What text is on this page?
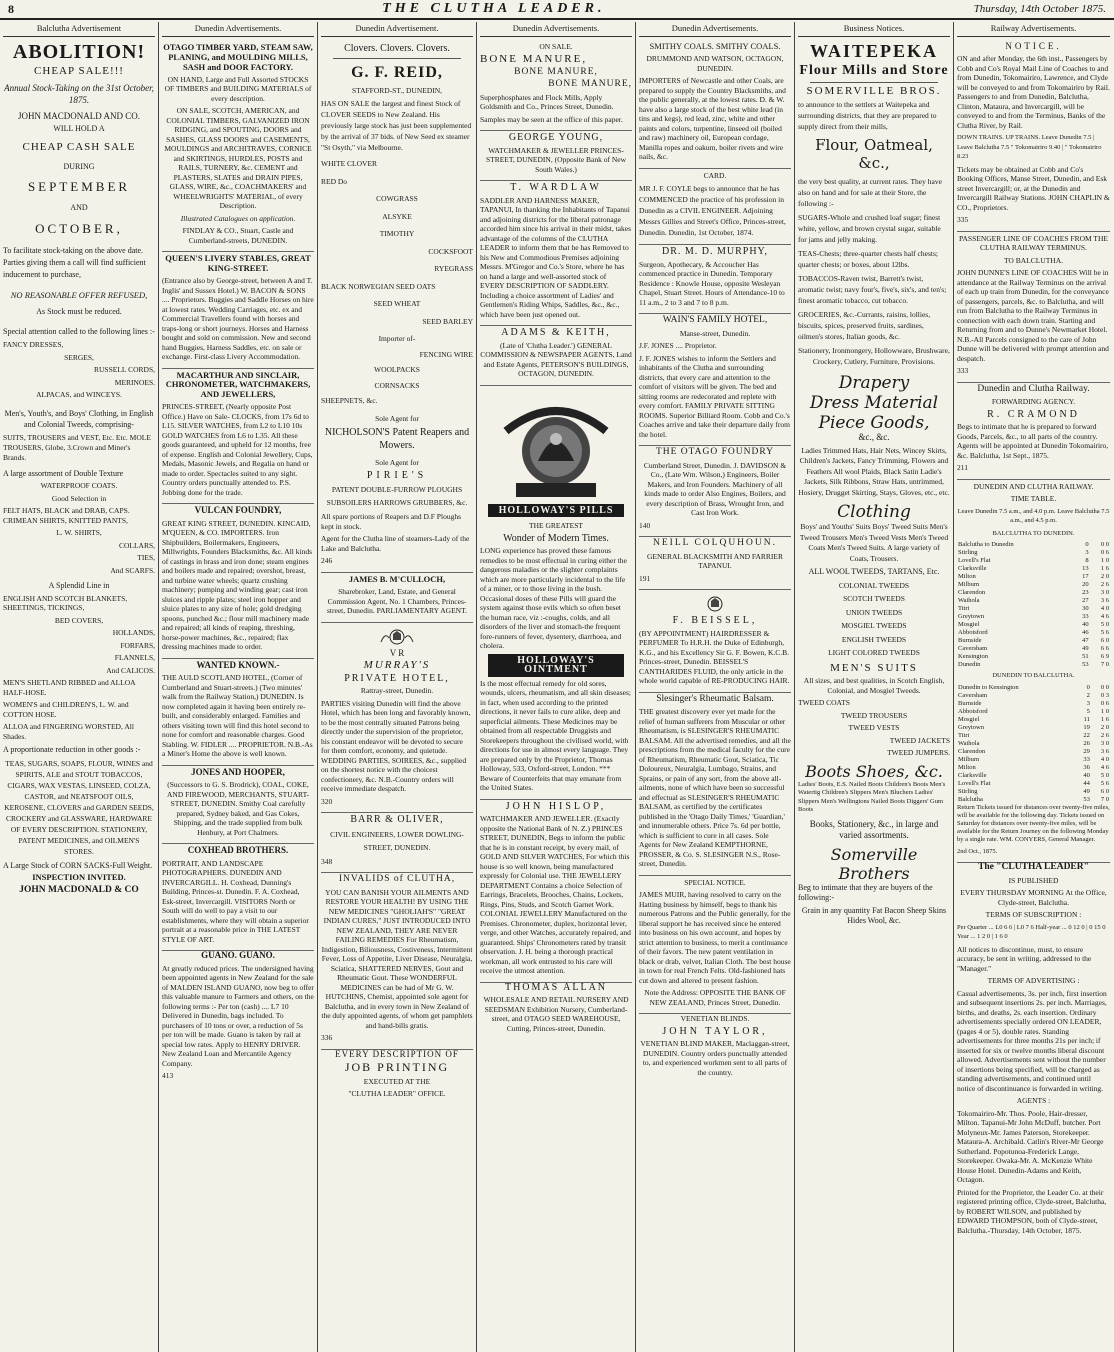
8	THE CLUTHA LEADER.	Thursday, 14th October 1875.
Balclutha Advertisement
ABOLITION!
CHEAP SALE!!!

Annual Stock-Taking on the 31st October, 1875.

JOHN MACDONALD AND CO.

WILL HOLD A

CHEAP CASH SALE

DURING

SEPTEMBER

AND

OCTOBER,

To facilitate stock-taking on the above date. Parties giving them a call will find sufficient inducement to purchase,

NO REASONABLE OFFER REFUSED,

As Stock must be reduced.

Special attention called to the following lines :-

FANCY DRESSES,

SERGES,

RUSSELL CORDS,

MERINOES.

ALPACAS, and WINCEYS.

Men's, Youth's, and Boys' Clothing, in English and Colonial Tweeds, comprising-

SUITS, TROUSERS and VEST, Etc. Etc. MOLE TROUSERS, Globe, 3.Crown and Miner's Brands.

A large assortment of Double Texture

WATERPROOF COATS.

Good Selection in

FELT HATS, BLACK and DRAB, CAPS. CRIMEAN SHIRTS, KNITTED PANTS,

L. W. SHIRTS,

COLLARS,

TIES,

And SCARFS.

A Splendid Line in

ENGLISH AND SCOTCH BLANKETS, SHEETINGS, TICKINGS,

BED COVERS,

HOLLANDS,

FORFARS,

FLANNELS,

And CALICOS.

MEN'S SHETLAND RIBBED and ALLOA HALF-HOSE.

WOMEN'S and CHILDREN'S, L. W. and COTTON HOSE.

ALLOA and FINGERING WORSTED, All Shades.

A proportionate reduction in other goods :-

TEAS, SUGARS, SOAPS, FLOUR, WINES and SPIRITS, ALE and STOUT TOBACCOS, CIGARS, WAX VESTAS, LINSEED, COLZA, CASTOR, and NEATSFOOT OILS, KEROSENE, CLOVERS and GARDEN SEEDS, CROCKERY and GLASSWARE, HARDWARE OF EVERY DESCRIPTION. STATIONERY, PATENT MEDICINES, and OILMEN'S STORES.

A Large Stock of CORN SACKS-Full Weight.

INSPECTION INVITED.

JOHN MACDONALD & CO

Dunedin Advertisements.

OTAGO TIMBER YARD, STEAM SAW, PLANING, and MOULDING MILLS, SASH and DOOR FACTORY.

ON HAND, Large and Full Assorted STOCKS OF TIMBERS and BUILDING MATERIALS of every description.

ON SALE, SCOTCH, AMERICAN, and COLONIAL TIMBERS, GALVANIZED IRON RIDGING, and SPOUTING, DOORS and SASHES, GLASS DOORS and CASEMENTS, MOULDINGS and ARCHITRAVES, CORNICE and SKIRTINGS, HURDLES, POSTS and RAILS, TURNERY, &c. CEMENT and PLASTERS, SLATES and DRAIN PIPES, GLASS, WIRE, &c., COACHMAKERS' and WHEELWRIGHTS' MATERIAL, of every Description.

Illustrated Catalogues on application.

FINDLAY & CO., Stuart, Castle and Cumberland-streets, DUNEDIN.

QUEEN'S LIVERY STABLES, GREAT KING-STREET.

(Entrance also by George-street, between A and T. Inglis' and Sussex Hotel.) W. BACON & SONS .... Proprietors. Buggies and Saddle Horses on hire at lowest rates. Wedding Carriages, etc. ex and Commercial Travellers found with horses and traps-long or short journeys. Horses and Harness bought and sold on commission. New and second hand Buggies, Harness Saddles, etc. on sale or exchange. First-class Livery Accommodation.

MACARTHUR AND SINCLAIR, CHRONOMETER, WATCHMAKERS, AND JEWELLERS,

PRINCES-STREET, (Nearly opposite Post Office.) Have on Sale- CLOCKS, from 17s 6d to L15. SILVER WATCHES, from L2 to L10 10s GOLD WATCHES from L6 to L35. All these goods guaranteed, and upheld for 12 months, free of expense. English and Colonial Jewellery, Cups, Medals, Masonic Jewels, and Regalia on hand or made to order. Spectacles suited to any sight. Country orders punctually attended to. P.S. Jobbing done for the trade.

VULCAN FOUNDRY,

GREAT KING STREET, DUNEDIN. KINCAID, M'QUEEN, & CO. IMPORTERS. Iron Shipbuilders, Boilermakers, Engineers, Millwrights, Founders Blacksmiths, &c. All kinds of castings in brass and iron done; steam engines and boilers made and repaired; overshot, breast, and turbine water wheels; quartz crushing machinery; pumping and winding gear; cast iron sluices and ripple plates; steel iron hopper and sluice plates to any size of hole; gold dredging spoons, punched &c.; flour mill machinery made and repaired; all kinds of reaping, threshing, horse-power machines, &c., repaired; flax dressing machines made to order.

WANTED KNOWN.-

THE AULD SCOTLAND HOTEL, (Corner of Cumberland and Stuart-streets.) (Two minutes' walk from the Railway Station,) DUNEDIN. Is now completed again it having been entirely re-built, and considerably enlarged. Families and others visiting town will find this hotel second to none for comfort and reasonable charges. Good Stabling. W. FIDLER .... PROPRIETOR. N.B.-As a Miner's Home the above is well known.

JONES AND HOOPER,

(Successors to G. S. Brodrick), COAL, COKE, AND FIREWOOD, MERCHANTS, STUART-STREET, DUNEDIN. Smithy Coal carefully prepared, Sydney baked, and Gas Cokes, Shipping, and the trade supplied from bulk Henbury, at Port Chalmers.

COXHEAD BROTHERS.

PORTRAIT, AND LANDSCAPE PHOTOGRAPHERS. DUNEDIN AND INVERCARGILL. H. Coxhead, Dunning's Building, Princes-st. Dunedin. F. A. Coxhead, Esk-street, Invercargill. VISITORS North or South will do well to pay a visit to our establishments, where they will obtain a superior portrait at a reasonable price in THE LATEST STYLE OF ART.

GUANO. GUANO.

At greatly reduced prices. The undersigned having been appointed agents in New Zealand for the sale of MALDEN ISLAND GUANO, now beg to offer this valuable manure to Farmers and others, on the following terms :- Per ton (cash) .... L7 10 Delivered in Dunedin, bags included. To purchasers of 10 tons or over, a reduction of 5s per ton will be made. Guano is taken by rail at special low rates. Apply to HENRY DRIVER. New Zealand Loan and Mercantile Agency Company.

413

Dunedin Advertisement.

Clovers. Clovers. Clovers.

G. F. REID,

STAFFORD-ST., DUNEDIN,

HAS ON SALE the largest and finest Stock of CLOVER SEEDS to New Zealand. His previously large stock has just been supplemented by the arrival of 37 bids. of New Seed ex steamer "St Osyth," via Melbourne.

WHITE CLOVER

RED Do

COWGRASS

ALSYKE

TIMOTHY

COCKSFOOT

RYEGRASS

BLACK NORWEGIAN SEED OATS

SEED WHEAT

SEED BARLEY

Importer of-

FENCING WIRE

WOOLPACKS

CORNSACKS

SHEEPNETS, &c.

Sole Agent for

NICHOLSON'S Patent Reapers and Mowers.

Sole Agent for

PIRIE'S

PATENT DOUBLE-FURROW PLOUGHS SUBSOILERS HARROWS GRUBBERS, &c.

All spare portions of Reapers and D.F Ploughs kept in stock.

Agent for the Clutha line of steamers-Lady of the Lake and Balclutha.

246

JAMES B. M'CULLOCH,

Sharebroker, Land, Estate, and General Commission Agent, No. 1 Chambers, Princes-street, Dunedin. PARLIAMENTARY AGENT.

V R

MURRAY'S

PRIVATE HOTEL,

Rattray-street, Dunedin.

PARTIES visiting Dunedin will find the above Hotel, which has been long and favorably known, to be the most centrally situated Patrons being directly under the supervision of the proprietor, his constant endeavor will be devoted to secure for them comfort, economy, and quietude. WEDDING PARTIES, SOIREES, &c., supplied on the shortest notice with the choicest confectionery, &c. N.B.-Country orders will receive immediate despatch.

320

BARR & OLIVER,

CIVIL ENGINEERS, LOWER DOWLING-STREET, DUNEDIN.

348

INVALIDS of CLUTHA,

YOU CAN BANISH YOUR AILMENTS AND RESTORE YOUR HEALTH! BY USING THE NEW MEDICINES "GHOLIAH'S" "GREAT INDIAN CURES," JUST INTRODUCED INTO NEW ZEALAND, THEY ARE NEVER FAILING REMEDIES For Rheumatism, Indigestion, Biliousness, Costiveness, Intermittent Fever, Loss of Appetite, Liver Disease, Neuralgia, Sciatica, SHATTERED NERVES, Gout and Rheumatic Gout. These WONDERFUL MEDICINES can be had of Mr G. W. HUTCHINS, Chemist, appointed sole agent for Balclutha, and in every town in New Zealand of the duly appointed agents, of whom get pamphlets and hand-bills gratis.

336

EVERY DESCRIPTION OF

JOB PRINTING

EXECUTED AT THE

"CLUTHA LEADER" OFFICE.

Dunedin Advertisements.

ON SALE.

BONE MANURE,

BONE MANURE,

BONE MANURE,

Superphosphates and Flock Mills, Apply Goldsmith and Co., Princes Street, Dunedin.

Samples may be seen at the office of this paper.

GEORGE YOUNG,

WATCHMAKER & JEWELLER PRINCES-STREET, DUNEDIN, (Opposite Bank of New South Wales.)

T. WARDLAW

SADDLER AND HARNESS MAKER, TAPANUI, In thanking the Inhabitants of Tapanui and adjoining districts for the liberal patronage accorded him since his arrival in their midst, takes advantage of the columns of the CLUTHA LEADER to inform them that he has Removed to his New and Commodious Premises adjoining Messrs. M'Gregor and Co.'s Store, where he has on hand a large and well-assorted stock of EVERY DESCRIPTION OF SADDLERY. Including a choice assortment of Ladies' and Gentlemen's Riding Whips, Saddles, &c., &c., which have been just opened out.

ADAMS & KEITH,

(Late of 'Clutha Leader.') GENERAL COMMISSION & NEWSPAPER AGENTS, Land and Estate Agents, PETERSON'S BUILDINGS, OCTAGON, DUNEDIN.

HOLLOWAY'S PILLS

THE GREATEST

Wonder of Modern Times.

LONG experience has proved these famous remedies to be most effectual in curing either the dangerous maladies or the slighter complaints which are more particularly incidental to the life of a miner, or to those living in the bush. Occasional doses of these Pills will guard the system against those evils which so often beset the human race, viz :-coughs, colds, and all disorders of the liver and stomach-the frequent fore-runners of fever, dysentery, diarrhoea, and cholera.

HOLLOWAY'S OINTMENT

Is the most effectual remedy for old sores, wounds, ulcers, rheumatism, and all skin diseases; in fact, when used according to the printed directions, it never fails to cure alike, deep and superficial ailments. These Medicines may be obtained from all respectable Druggists and Storekeepers throughout the civilised world, with directions for use in almost every language. They are prepared only by the Proprietor, Thomas Holloway, 533, Oxford-street, London. *** Beware of Counterfeits that may emanate from the United States.

JOHN HISLOP,

WATCHMAKER AND JEWELLER. (Exactly opposite the National Bank of N. Z.) PRINCES STREET, DUNEDIN, Begs to inform the public that he is in constant receipt, by every mail, of GOLD AND SILVER WATCHES, For which this house is so well known, being manufactured expressly for Colonial use. THE JEWELLERY DEPARTMENT Contains a choice Selection of Earrings, Bracelets, Brooches, Chains, Lockets, Rings, Pins, Studs, and Scotch Garnet Work. COLONIAL JEWELLERY Manufactured on the Premises. Chronometer, duplex, horizontal lever, verge, and other Watches, accurately repaired, and guaranteed. Ships' Chronometers rated by transit observation. J. H. being a thorough practical workman, all work entrusted to his care will receive the utmost attention.

THOMAS ALLAN

WHOLESALE AND RETAIL NURSERY AND SEEDSMAN Exhibition Nursery, Cumberland-street, and OTAGO SEED WAREHOUSE, Cutting, Princes-street, Dunedin.

Dunedin Advertisements.

SMITHY COALS. SMITHY COALS.

DRUMMOND AND WATSON, OCTAGON, DUNEDIN.

IMPORTERS of Newcastle and other Coals, are prepared to supply the Country Blacksmiths, and the public generally, at the lowest rates. D. & W. have also a large stock of the best white lead (in tins and kegs), red lead, zinc, white and other paints and colors, turpentine, linseed oil (boiled and raw) machinery oil, European cordage, Manilla ropes and oakum, boiler rivets and wire nails, &c.

CARD.

MR J. F. COYLE begs to announce that he has COMMENCED the practice of his profession in Dunedin as a CIVIL ENGINEER. Adjoining Messrs Gillies and Street's Office, Princes-street, Dunedin. Dunedin, 1st October, 1874.

DR. M. D. MURPHY,

Surgeon, Apothecary, & Accoucher Has commenced practice in Dunedin. Temporary Residence : Knowle House, opposite Wesleyan Chapel, Stuart Street. Hours of Attendance-10 to 11 a.m., 2 to 3 and 7 to 8 p.m.

WAIN'S FAMILY HOTEL,

Manse-street, Dunedin.

J.F. JONES .... Proprietor.

J. F. JONES wishes to inform the Settlers and inhabitants of the Clutha and surrounding districts, that every care and attention to the comfort of visitors will be given. The bed and sitting rooms are redecorated and replete with every comfort. FAMILY PRIVATE SITTING ROOMS. Superior Billiard Room. Cobb and Co.'s Coaches arrive and take their departure daily from the hotel.

THE OTAGO FOUNDRY

Cumberland Street, Dunedin. J. DAVIDSON & Co., (Late Wm. Wilson,) Engineers, Boiler Makers, and Iron Founders. Machinery of all kinds made to order Also Engines, Boilers, and every description of Brass, Wrought Iron, and Cast Iron Work.

140

NEILL COLQUHOUN.

GENERAL BLACKSMITH AND FARRIER TAPANUI.

191

F. BEISSEL,

(BY APPOINTMENT) HAIRDRESSER & PERFUMER To H.R.H. the Duke of Edinburgh, K.G., and his Excellency Sir G. F. Bowen, K.C.B. Princes-street, Dunedin. BEISSEL'S CANTHARIDES FLUID, the only article in the whole world capable of RE-PRODUCING HAIR.

Slesinger's Rheumatic Balsam.

THE greatest discovery ever yet made for the relief of human sufferers from Muscular or other Rheumatism, is SLESINGER'S RHEUMATIC BALSAM. All the advertised remedies, and all the prescriptions from the medical faculty for the cure of Rheumatism, Rheumatic Gout, Sciatica, Tic Doloureux, Neuralgia, Lumbago, Strains, and Sprains, or pain of any sort, from the above all-ailments, none of which have been so successful and effectual as SLESINGER'S RHEUMATIC BALSAM, as certified by the certificates published in the 'Otago Daily Times,' 'Guardian,' and innumerable others. Price 7s. 6d per bottle, which is sufficient to cure in all cases. Sole Agents for New Zealand KEMPTHORNE, PROSSER, & Co. S. SLESINGER N.S., Rose-street, Dunedin.

SPECIAL NOTICE.

JAMES MUIR, having resolved to carry on the Hatting business by himself, begs to thank his numerous Patrons and the Public generally, for the liberal support he has received since he entered into business on his own account, and hopes by strict attention to business, to merit a continuance of their favors. The new patent ventilation in black or drab, velvet, Italian Cloth. The best house in town for real French Felts. Old-fashioned hats cut down and altered to present fashion.

Note the Address: OPPOSITE THE BANK OF NEW ZEALAND, Princes Street, Dunedin.

VENETIAN BLINDS.

JOHN TAYLOR,

VENETIAN BLIND MAKER, Maclaggan-street, DUNEDIN. Country orders punctually attended to, and experienced workmen sent to all parts of the country.

Business Notices.
WAITEPEKA
Flour Mills and Store

SOMERVILLE BROS.

to announce to the settlers at Waitepeka and surrounding districts, that they are prepared to supply direct from their mills,

Flour, Oatmeal, &c.,

the very best quality, at current rates. They have also on hand and for sale at their Store, the following :-

SUGARS-Whole and crushed loaf sugar; finest white, yellow, and brown crystal sugar, suitable for jams and jelly making.

TEAS-Chests; three-quarter chests half chests; quarter chests; or boxes, about 12lbs.

TOBACCOS-Raven twist, Barrett's twist, aromatic twist; navy four's, five's, six's, and ten's; finest aromatic tobacco, cut tobacco.

GROCERIES, &c.-Currants, raisins, lollies, biscuits, spices, preserved fruits, sardines, oilmen's stores, Italian goods, &c.

Stationery, Ironmongery, Hollowware, Brushware, Crockery, Cutlery, Furniture, Provisions.

Drapery
Dress Material
Piece Goods,

&c., &c.

Ladies Trimmed Hats, Hair Nets, Wincey Skirts, Children's Jackets, Fancy Trimming, Flowers and Feathers All wool Plaids, Black Satin Ladie's Jackets, Silk Ribbons, Straw Hats, untrimmed, Hosiery, Drugget Skirting, Stays, Gloves, etc., etc.

Clothing

Boys' and Youths' Suits Boys' Tweed Suits Men's Tweed Trousers Men's Tweed Vests Men's Tweed Coats Men's Tweed Suits. A large variety of Coats, Trousers.

ALL WOOL TWEEDS, TARTANS, Etc.

COLONIAL TWEEDS

SCOTCH TWEEDS

UNION TWEEDS

MOSGIEL TWEEDS

ENGLISH TWEEDS

LIGHT COLORED TWEEDS

MEN'S SUITS

All sizes, and best qualities, in Scotch English, Colonial, and Mosgiel Tweeds.

TWEED COATS

TWEED TROUSERS

TWEED VESTS

TWEED JACKETS

TWEED JUMPERS.

Boots Shoes, &c.

Ladies' Boots, E.S. Nailed Boots Children's Boots Men's Watertig Children's Slippers Men's Bluchers Ladies' Slippers Men's Wellingtons Nailed Boots Diggers' Gum Boots

Books, Stationery, &c., in large and varied assortments.

Somerville Brothers

Beg to intimate that they are buyers of the following:-

Grain in any quantity Fat Bacon Sheep Skins Hides Wool, &c.

Railway Advertisements.

NOTICE.

ON and after Monday, the 6th inst., Passengers by Cobb and Co's Royal Mail Line of Coaches to and from Dunedin, Tokomairiro, Lawrence, and Clyde will be conveyed to and from Tokomairiro by Rail. Passengers to and from Dunedin, Balclutha, Clinton, Mataura, and Invercargill, will be conveyed to and from the Terminus, Banks of the Clutha River, by Rail.

DOWN TRAINS. UP TRAINS. Leave Dunedin 7.5 | Leave Balclutha 7.5 " Tokomairiro 9.40 | " Tokomairiro 8.23

Tickets may be obtained at Cobb and Co's Booking Offices, Manse Street, Dunedin, and Esk street Invercargill; or, at the Dunedin and Invercargill Railway Stations. JOHN CHAPLIN & CO., Proprietors.

335

PASSENGER LINE OF COACHES FROM THE CLUTHA RAILWAY TERMINUS.

TO BALCLUTHA.

JOHN DUNNE'S LINE OF COACHES Will be in attendance at the Railway Terminus on the arrival of each up train from Dunedin, for the conveyance of passengers, parcels, &c. to Balclutha, and will run from Balclutha to the Railway Terminus in connection with each down train. Starting and Returning from and to Dunne's Newmarket Hotel. N.B.-All Parcels consigned to the care of John Dunne will be delivered with prompt attention and despatch.

333

Dunedin and Clutha Railway.

FORWARDING AGENCY.

R. CRAMOND

Begs to intimate that he is prepared to forward Goods, Parcels, &c., to all parts of the country. Agents will be appointed at Dunedin Tokomairiro, &c. Balclutha, 1st Sept., 1875.

211

DUNEDIN AND CLUTHA RAILWAY.

TIME TABLE.

Leave Dunedin 7.5 a.m., and 4.0 p.m. Leave Balclutha 7.5 a.m., and 4.5 p.m.

BALCLUTHA TO DUNEDIN.

Balclutha to Dunedin	0	0 0
Stirling	3	0 6
Lovell's Flat	8	1 0
Clarksville	13	1 6
Milton	17	2 0
Milburn	20	2 6
Clarendon	23	3 0
Waihola	27	3 6
Titri	30	4 0
Greytown	33	4 6
Mosgiel	40	5 0
Abbotsford	46	5 6
Burnside	47	6 0
Caversham	49	6 6
Kensington	51	6 9
Dunedin	53	7 0

DUNEDIN TO BALCLUTHA.

Dunedin to Kensington	0	0 0
Caversham	2	0 3
Burnside	3	0 6
Abbotsford	5	1 0
Mosgiel	11	1 6
Greytown	19	2 0
Titri	22	2 6
Waihola	26	3 0
Clarendon	29	3 6
Milburn	33	4 0
Milton	36	4 6
Clarksville	40	5 0
Lovell's Flat	44	5 6
Stirling	49	6 0
Balclutha	53	7 0

Return Tickets issued for distances over twenty-five miles, will be available for the following day. Tickets issued on Saturday for distances over twenty-five miles, will be available for the Return Journey on the following Monday by a single rate. WM. CONYERS, General Manager.

2nd Oct., 1875.

The "CLUTHA LEADER"

IS PUBLISHED

EVERY THURSDAY MORNING At the Office, Clyde-street, Balclutha.

TERMS OF SUBSCRIPTION :

Per Quarter ... L0 6 6 | L0 7 6 Half-year ... 0 12 0 | 0 15 0 Year ... 1 2 0 | 1 6 0

All notices to discontinue, must, to ensure accuracy, be sent in writing, addressed to the "Manager."

TERMS OF ADVERTISING :

Casual advertisements, 3s. per inch, first insertion and subsequent insertions 2s. per inch. Marriages, births, and deaths, 2s. each insertion. Ordinary advertisements specially ordered ON LEADER, (pages 4 or 5), double rates. Standing advertisements for three months 21s per inch; if inserted for six or twelve months liberal discount allowed. Advertisements sent without the number of insertions being specified, will be charged as standing advertisements, and continued until notice of discontinuance is forwarded in writing.

AGENTS :

Tokomairiro-Mr. Thos. Poole, Hair-dresser, Milton. Tapanui-Mr John McDuff, butcher. Port Molyneux-Mr. James Paterson, Storekeeper. Mataura-A. Archibald. Catlin's River-Mr George Sutherland. Popotunoa-Frederick Lange, Storekeeper. Owaka-Mr. A. McKenzie White House Hotel. Dunedin-Adams and Keith, Octagon.

Printed for the Proprietor, the Leader Co. at their registered printing office, Clyde-street, Balclutha, by ROBERT WILSON, and published by EDWARD THOMPSON, both of Clyde-street, Balclutha.-Thursday, 14th October, 1875.
